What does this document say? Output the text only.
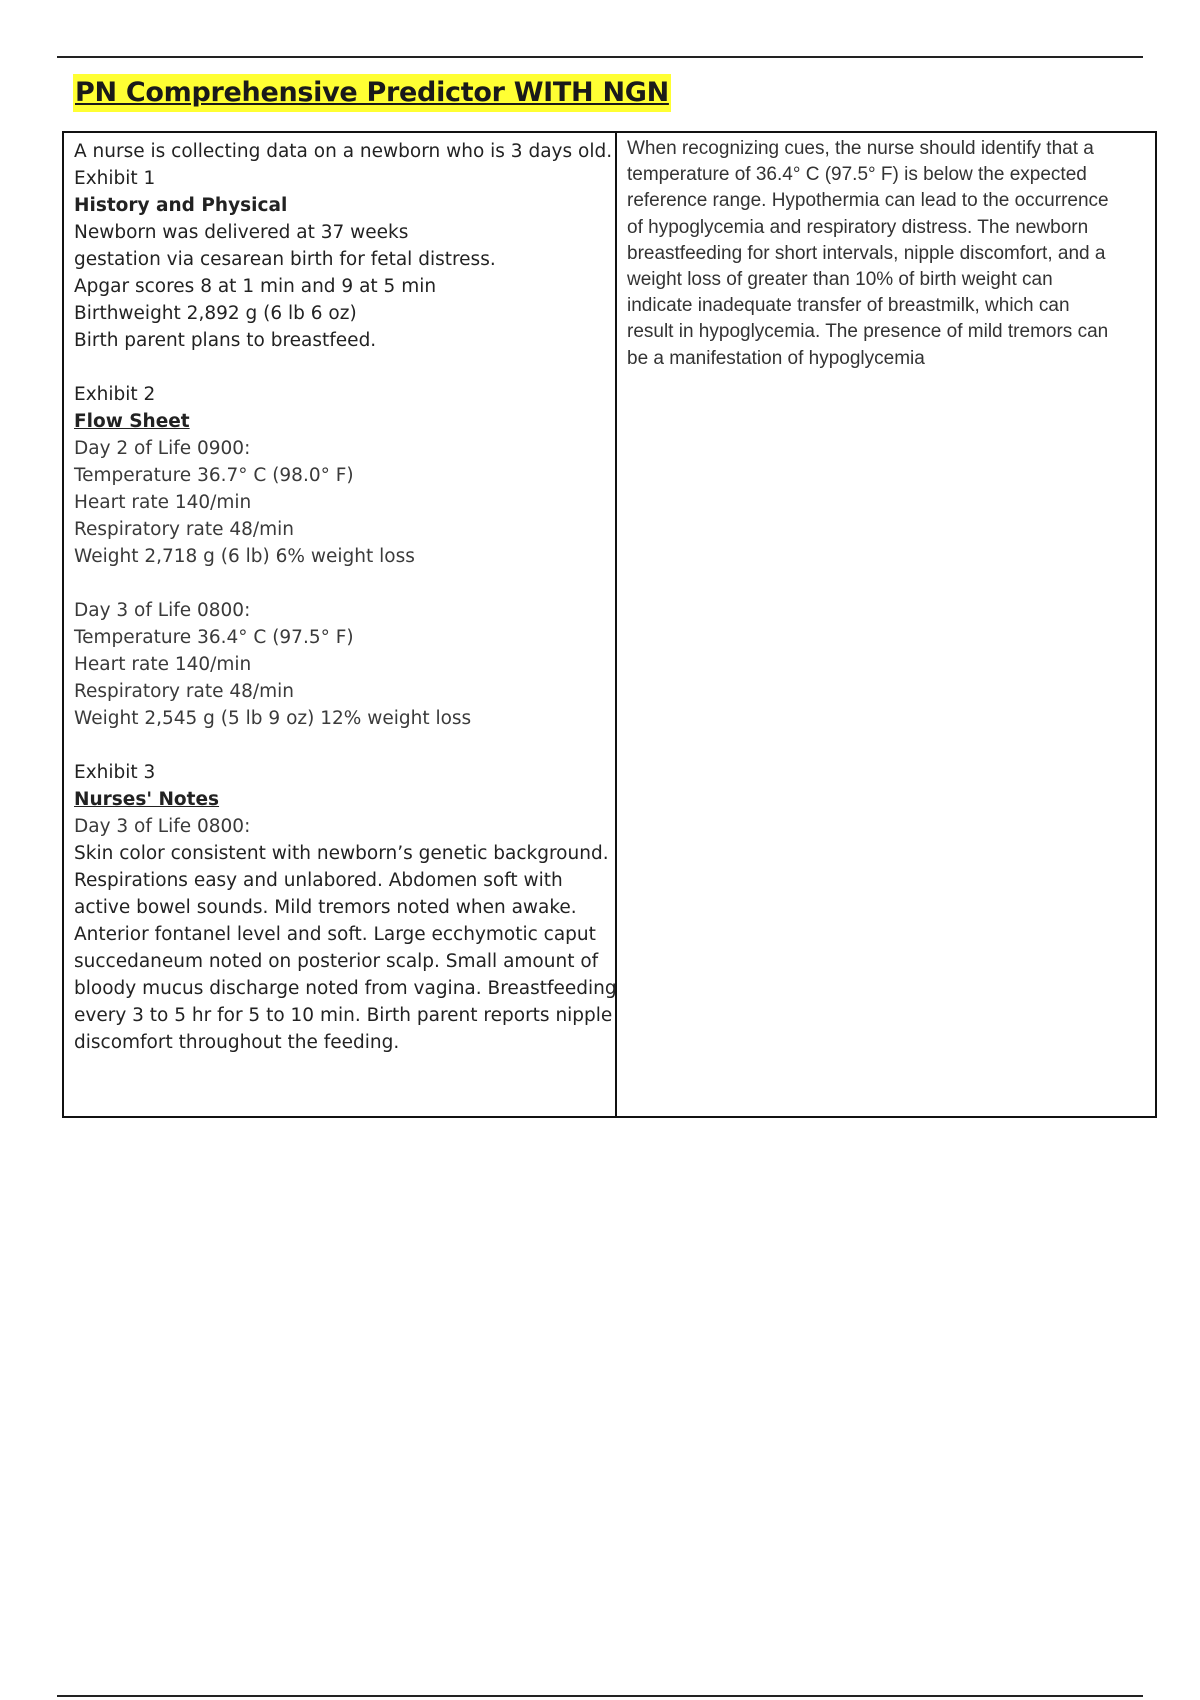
PN Comprehensive Predictor WITH NGN
A nurse is collecting data on a newborn who is 3 days old.
Exhibit 1
History and Physical
Newborn was delivered at 37 weeks
gestation via cesarean birth for fetal distress.
Apgar scores 8 at 1 min and 9 at 5 min
Birthweight 2,892 g (6 lb 6 oz)
Birth parent plans to breastfeed.
Exhibit 2
Flow Sheet
Day 2 of Life 0900:
Temperature 36.7° C (98.0° F)
Heart rate 140/min
Respiratory rate 48/min
Weight 2,718 g (6 lb) 6% weight loss
Day 3 of Life 0800:
Temperature 36.4° C (97.5° F)
Heart rate 140/min
Respiratory rate 48/min
Weight 2,545 g (5 lb 9 oz) 12% weight loss
Exhibit 3
Nurses' Notes
Day 3 of Life 0800:
Skin color consistent with newborn’s genetic background.
Respirations easy and unlabored. Abdomen soft with
active bowel sounds. Mild tremors noted when awake.
Anterior fontanel level and soft. Large ecchymotic caput
succedaneum noted on posterior scalp. Small amount of
bloody mucus discharge noted from vagina. Breastfeeding
every 3 to 5 hr for 5 to 10 min. Birth parent reports nipple
discomfort throughout the feeding.
When recognizing cues, the nurse should identify that a
temperature of 36.4° C (97.5° F) is below the expected
reference range. Hypothermia can lead to the occurrence
of hypoglycemia and respiratory distress. The newborn
breastfeeding for short intervals, nipple discomfort, and a
weight loss of greater than 10% of birth weight can
indicate inadequate transfer of breastmilk, which can
result in hypoglycemia. The presence of mild tremors can
be a manifestation of hypoglycemia
